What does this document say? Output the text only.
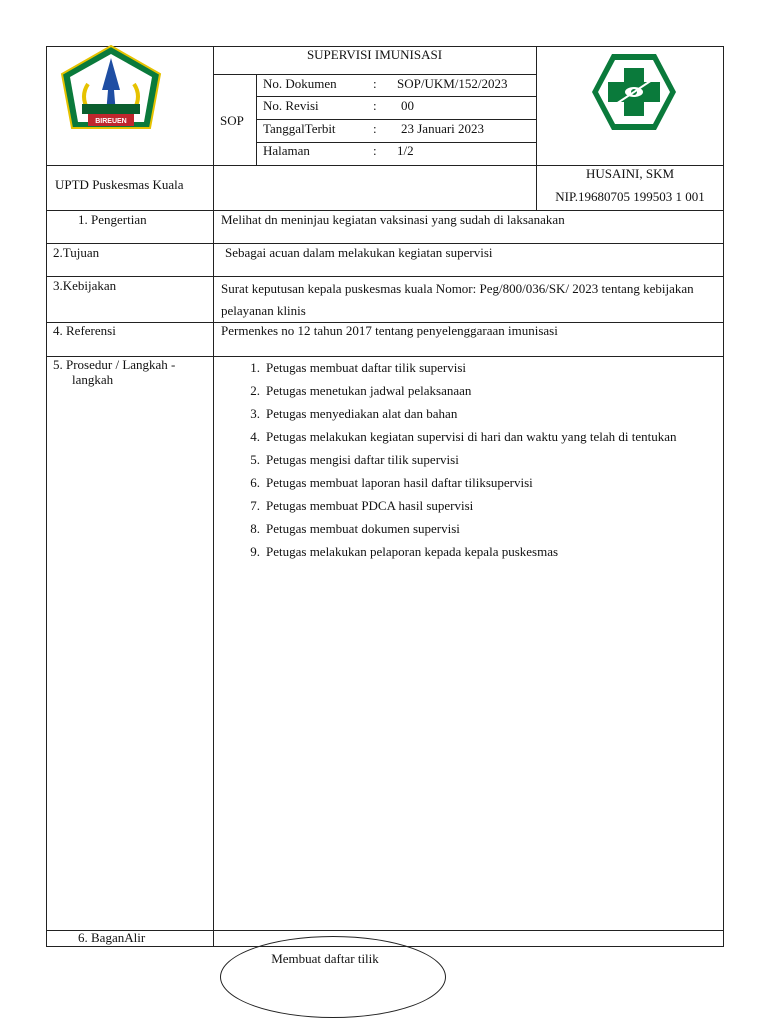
BIREUEN
SUPERVISI IMUNISASI
SOP
No. Dokumen	: SOP/UKM/152/2023
No. Revisi	: 00
TanggalTerbit	: 23 Januari 2023
Halaman	: 1/2
UPTD Puskesmas Kuala
HUSAINI, SKM
NIP.19680705 199503 1 001
1. Pengertian	Melihat dn meninjau kegiatan vaksinasi yang sudah di laksanakan
2.Tujuan	Sebagai acuan dalam melakukan kegiatan supervisi
3.Kebijakan	Surat keputusan kepala puskesmas kuala Nomor: Peg/800/036/SK/ 2023 tentang kebijakan pelayanan klinis
4. Referensi	Permenkes no 12 tahun 2017 tentang penyelenggaraan imunisasi
5. Prosedur / Langkah -
langkah
1. Petugas membuat daftar tilik supervisi
2. Petugas menetukan jadwal pelaksanaan
3. Petugas menyediakan alat dan bahan
4. Petugas melakukan kegiatan supervisi di hari dan waktu yang telah di tentukan
5. Petugas mengisi daftar tilik supervisi
6. Petugas membuat laporan hasil daftar tiliksupervisi
7. Petugas membuat PDCA hasil supervisi
8. Petugas membuat dokumen supervisi
9. Petugas melakukan pelaporan kepada kepala puskesmas
6. BaganAlir
Membuat daftar tilik
